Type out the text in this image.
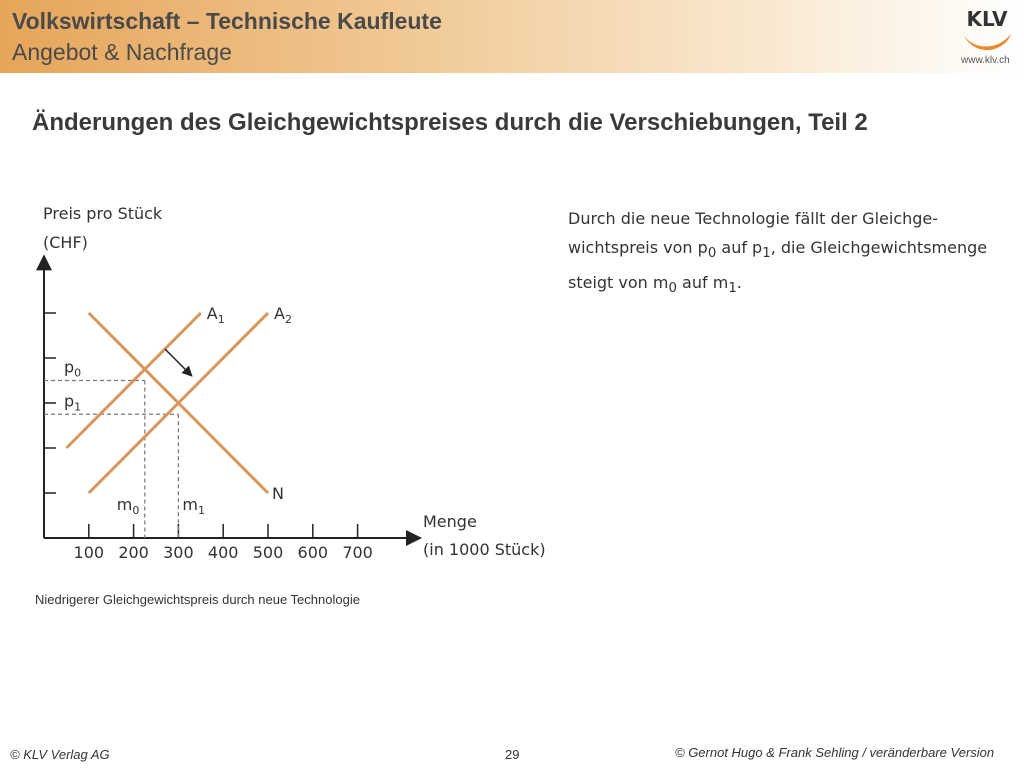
Volkswirtschaft – Technische Kaufleute
Angebot & Nachfrage
KLV
www.klv.ch
Änderungen des Gleichgewichtspreises durch die Verschiebungen, Teil 2
Preis pro Stück
(CHF)
Menge
(in 1000 Stück)
100 200 300 400 500 600 700
$p_0$
$m_0$
$p_1$
$m_1$
$A_1$	$A_2$
N
Durch die neue Technologie fällt der Gleichge-
wichtspreis von $p_0$ auf $p_1$, die Gleichgewichtsmenge
steigt von $m_0$ auf $m_1$.
Niedrigerer Gleichgewichtspreis durch neue Technologie
© KLV Verlag AG	29	© Gernot Hugo & Frank Sehling / veränderbare Version
